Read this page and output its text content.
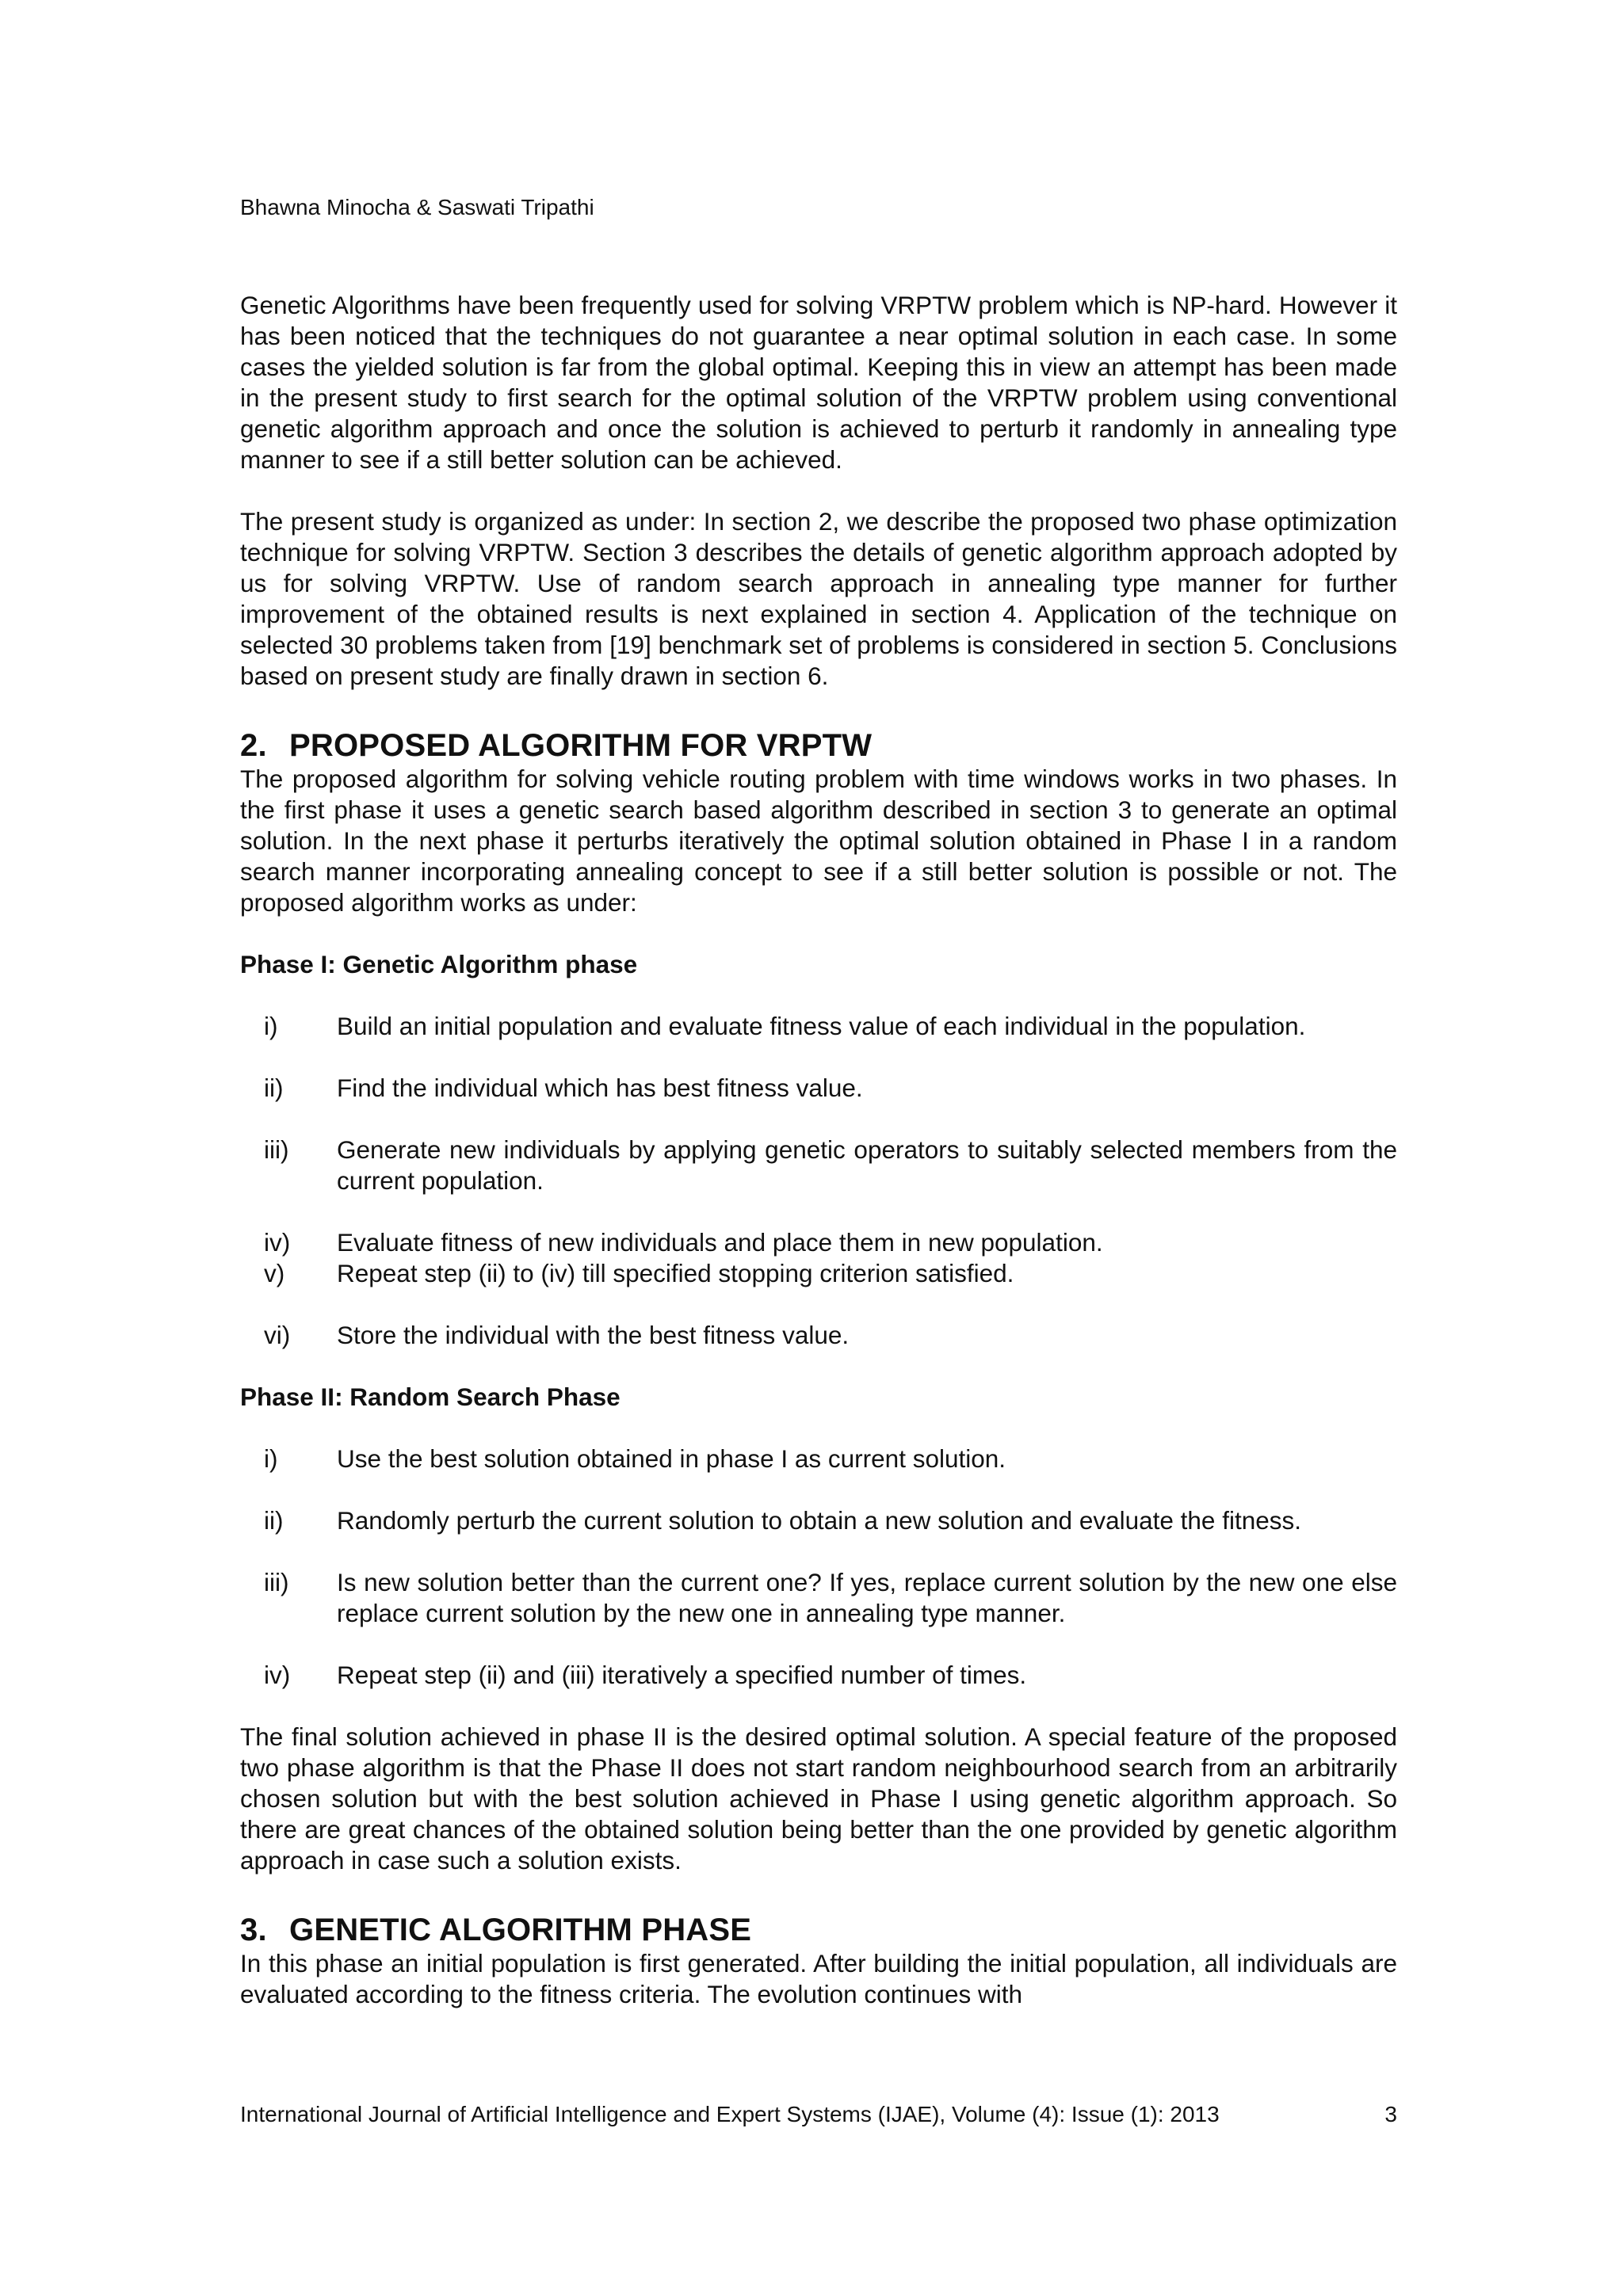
Bhawna Minocha & Saswati Tripathi

Genetic Algorithms have been frequently used for solving VRPTW problem which is NP-hard. However it has been noticed that the techniques do not guarantee a near optimal solution in each case. In some cases the yielded solution is far from the global optimal. Keeping this in view an attempt has been made in the present study to first search for the optimal solution of the VRPTW problem using conventional genetic algorithm approach and once the solution is achieved to perturb it randomly in annealing type manner to see if a still better solution can be achieved.

The present study is organized as under: In section 2, we describe the proposed two phase optimization technique for solving VRPTW. Section 3 describes the details of genetic algorithm approach adopted by us for solving VRPTW. Use of random search approach in annealing type manner for further improvement of the obtained results is next explained in section 4. Application of the technique on selected 30 problems taken from [19] benchmark set of problems is considered in section 5. Conclusions based on present study are finally drawn in section 6.

2. PROPOSED ALGORITHM FOR VRPTW

The proposed algorithm for solving vehicle routing problem with time windows works in two phases. In the first phase it uses a genetic search based algorithm described in section 3 to generate an optimal solution. In the next phase it perturbs iteratively the optimal solution obtained in Phase I in a random search manner incorporating annealing concept to see if a still better solution is possible or not. The proposed algorithm works as under:

Phase I: Genetic Algorithm phase

i) Build an initial population and evaluate fitness value of each individual in the population.
ii) Find the individual which has best fitness value.
iii) Generate new individuals by applying genetic operators to suitably selected members from the current population.
iv) Evaluate fitness of new individuals and place them in new population.
v) Repeat step (ii) to (iv) till specified stopping criterion satisfied.
vi) Store the individual with the best fitness value.

Phase II: Random Search Phase

i) Use the best solution obtained in phase I as current solution.
ii) Randomly perturb the current solution to obtain a new solution and evaluate the fitness.
iii) Is new solution better than the current one? If yes, replace current solution by the new one else replace current solution by the new one in annealing type manner.
iv) Repeat step (ii) and (iii) iteratively a specified number of times.

The final solution achieved in phase II is the desired optimal solution. A special feature of the proposed two phase algorithm is that the Phase II does not start random neighbourhood search from an arbitrarily chosen solution but with the best solution achieved in Phase I using genetic algorithm approach. So there are great chances of the obtained solution being better than the one provided by genetic algorithm approach in case such a solution exists.

3. GENETIC ALGORITHM PHASE

In this phase an initial population is first generated. After building the initial population, all individuals are evaluated according to the fitness criteria. The evolution continues with

International Journal of Artificial Intelligence and Expert Systems (IJAE), Volume (4): Issue (1): 2013	3
